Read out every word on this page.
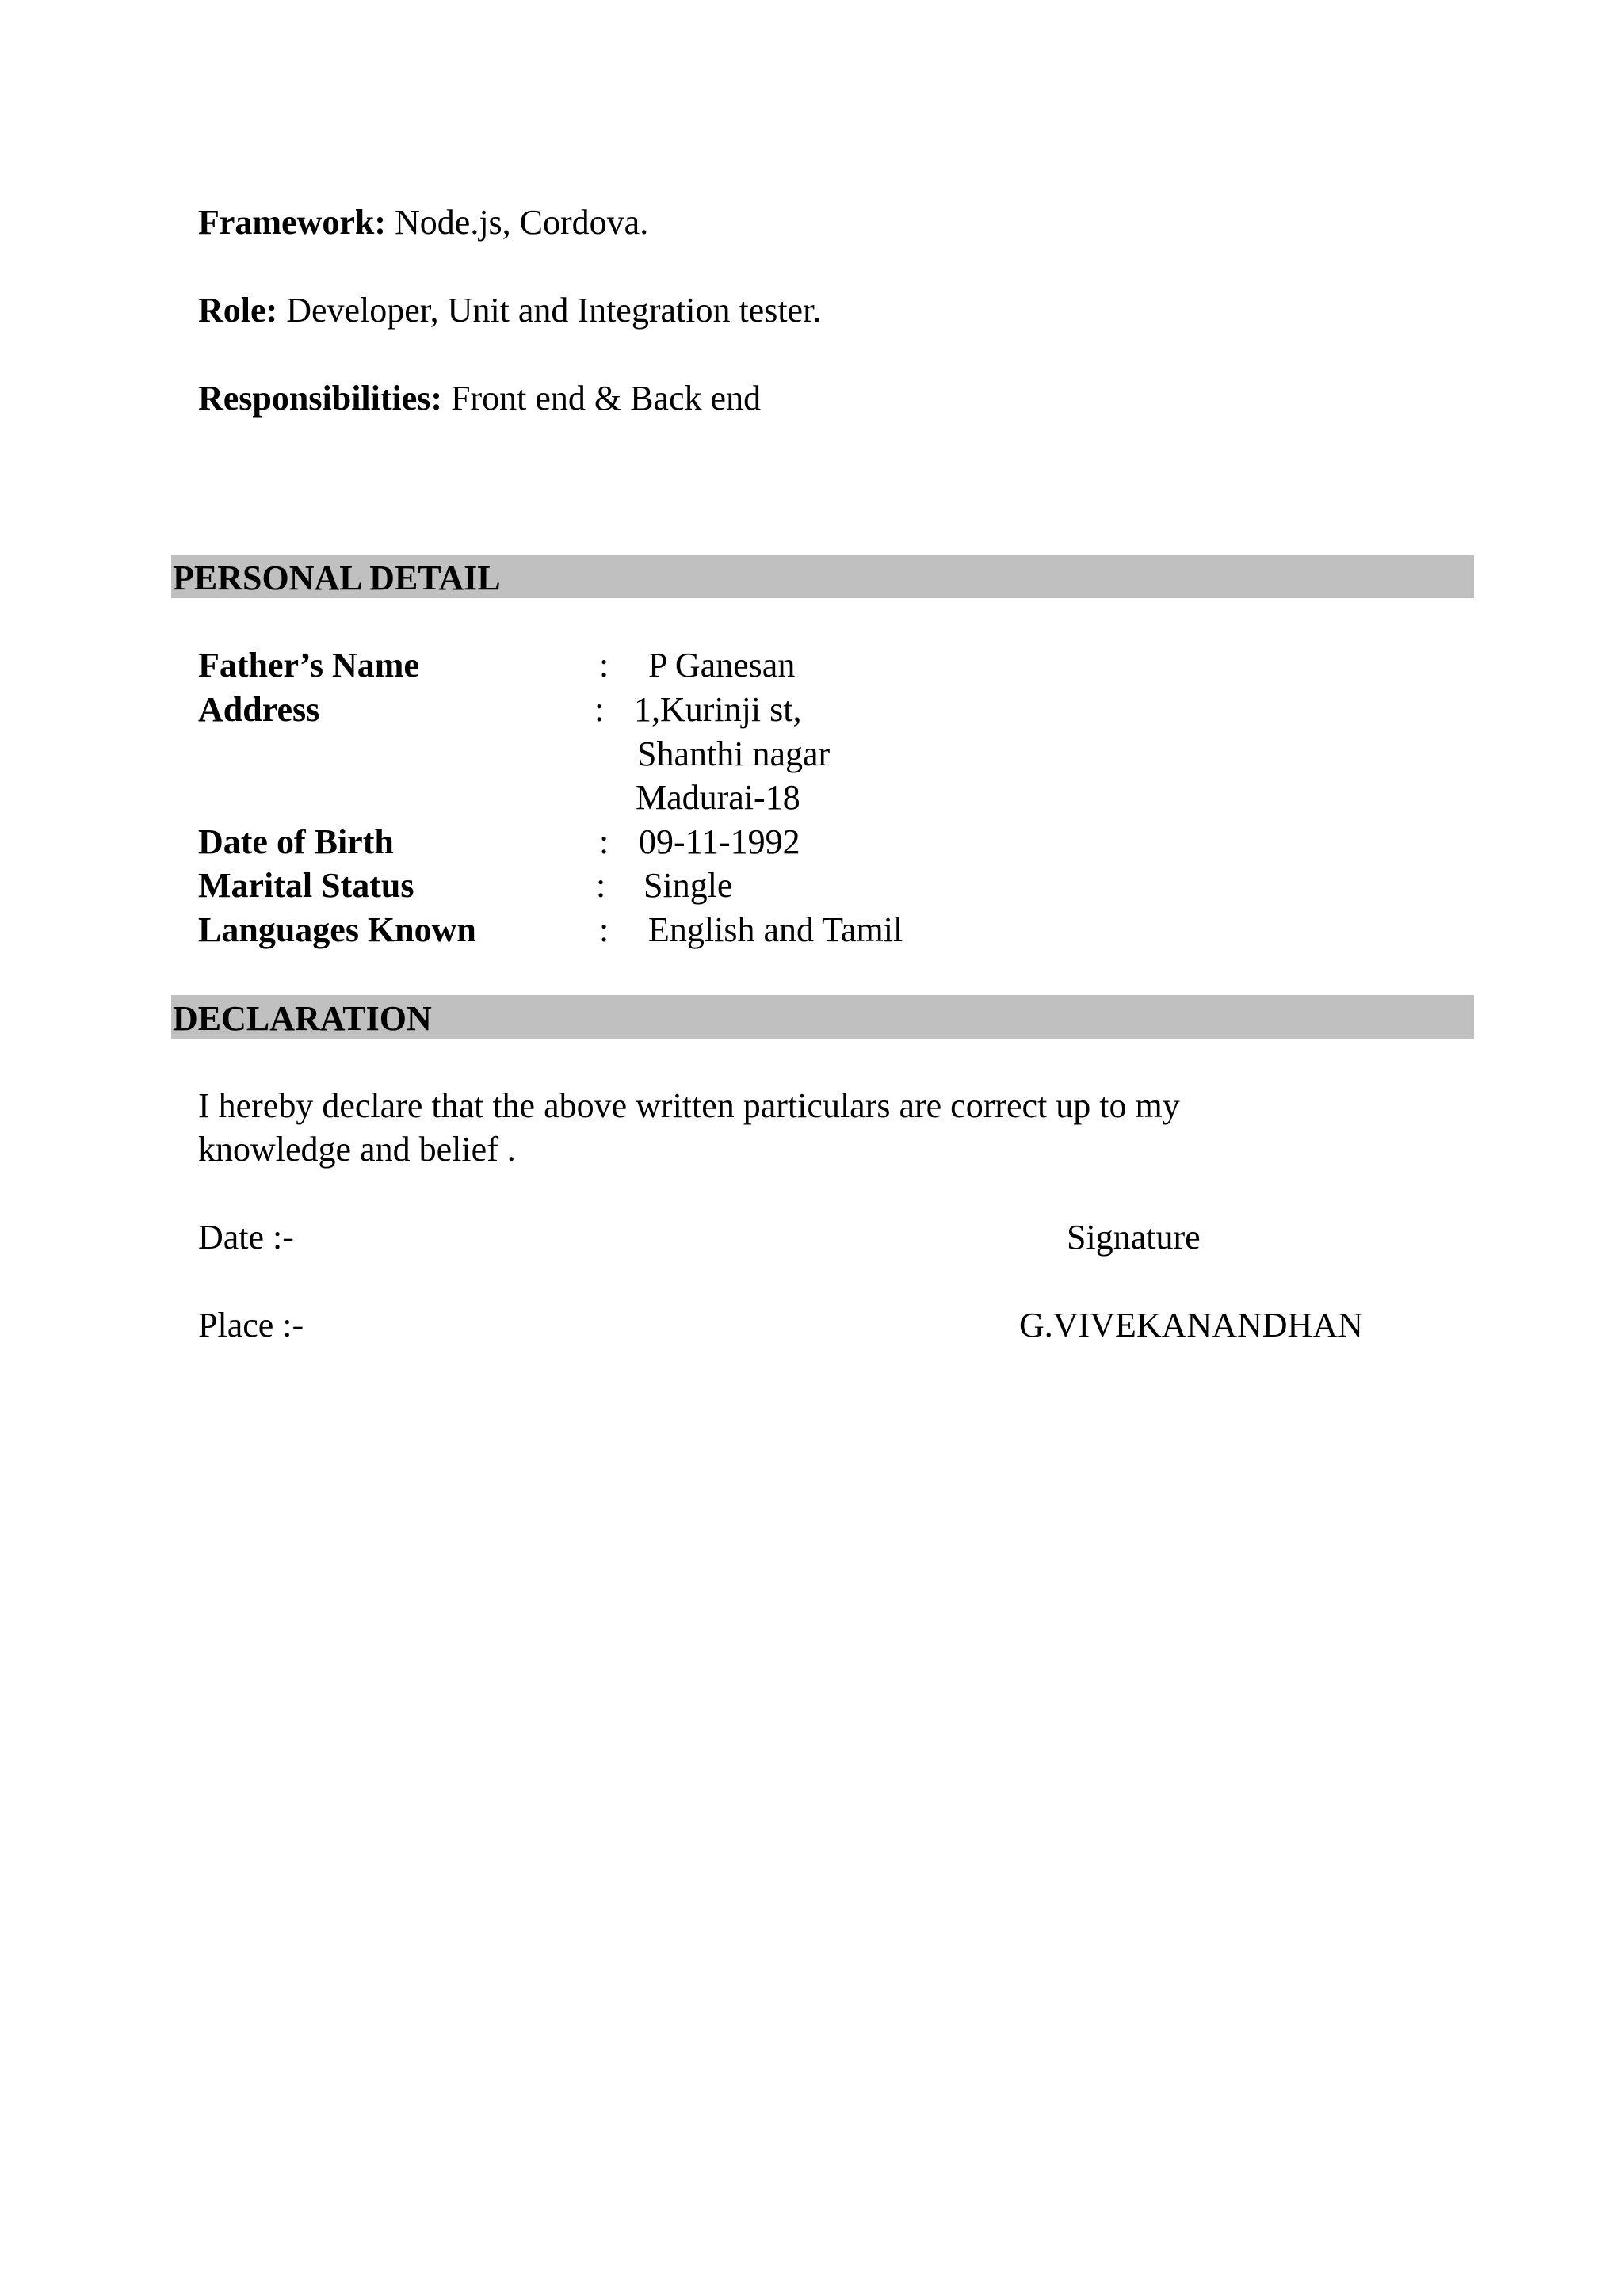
Framework: Node.js, Cordova.
Role: Developer, Unit and Integration tester.
Responsibilities: Front end & Back end
PERSONAL DETAIL
Father’s Name	: P Ganesan
Address	: 1,Kurinji st,
Shanthi nagar
Madurai-18
Date of Birth	: 09-11-1992
Marital Status	: Single
Languages Known	: English and Tamil
DECLARATION
I hereby declare that the above written particulars are correct up to my
knowledge and belief .
Date :-	Signature
Place :-	G.VIVEKANANDHAN
